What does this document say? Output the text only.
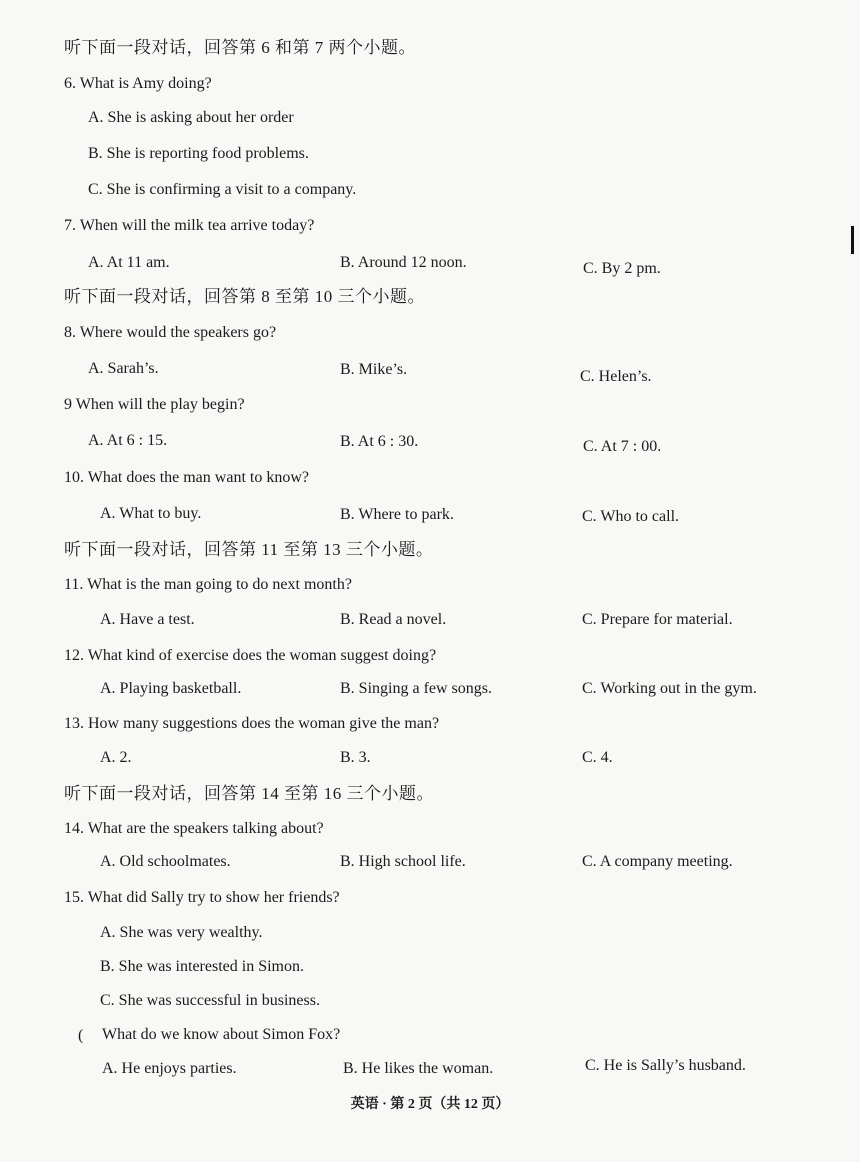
听下面一段对话，回答第 6 和第 7 两个小题。
6. What is Amy doing?
A. She is asking about her order
B. She is reporting food problems.
C. She is confirming a visit to a company.
7. When will the milk tea arrive today?
A. At 11 am.	B. Around 12 noon.	C. By 2 pm.
听下面一段对话，回答第 8 至第 10 三个小题。
8. Where would the speakers go?
A. Sarah’s.	B. Mike’s.	C. Helen’s.
9 When will the play begin?
A. At 6 : 15.	B. At 6 : 30.	C. At 7 : 00.
10. What does the man want to know?
A. What to buy.	B. Where to park.	C. Who to call.
听下面一段对话，回答第 11 至第 13 三个小题。
11. What is the man going to do next month?
A. Have a test.	B. Read a novel.	C. Prepare for material.
12. What kind of exercise does the woman suggest doing?
A. Playing basketball.	B. Singing a few songs.	C. Working out in the gym.
13. How many suggestions does the woman give the man?
A. 2.	B. 3.	C. 4.
听下面一段对话，回答第 14 至第 16 三个小题。
14. What are the speakers talking about?
A. Old schoolmates.	B. High school life.	C. A company meeting.
15. What did Sally try to show her friends?
A. She was very wealthy.
B. She was interested in Simon.
C. She was successful in business.
( What do we know about Simon Fox?
A. He enjoys parties.	B. He likes the woman.	C. He is Sally’s husband.
英语 · 第 2 页（共 12 页）
